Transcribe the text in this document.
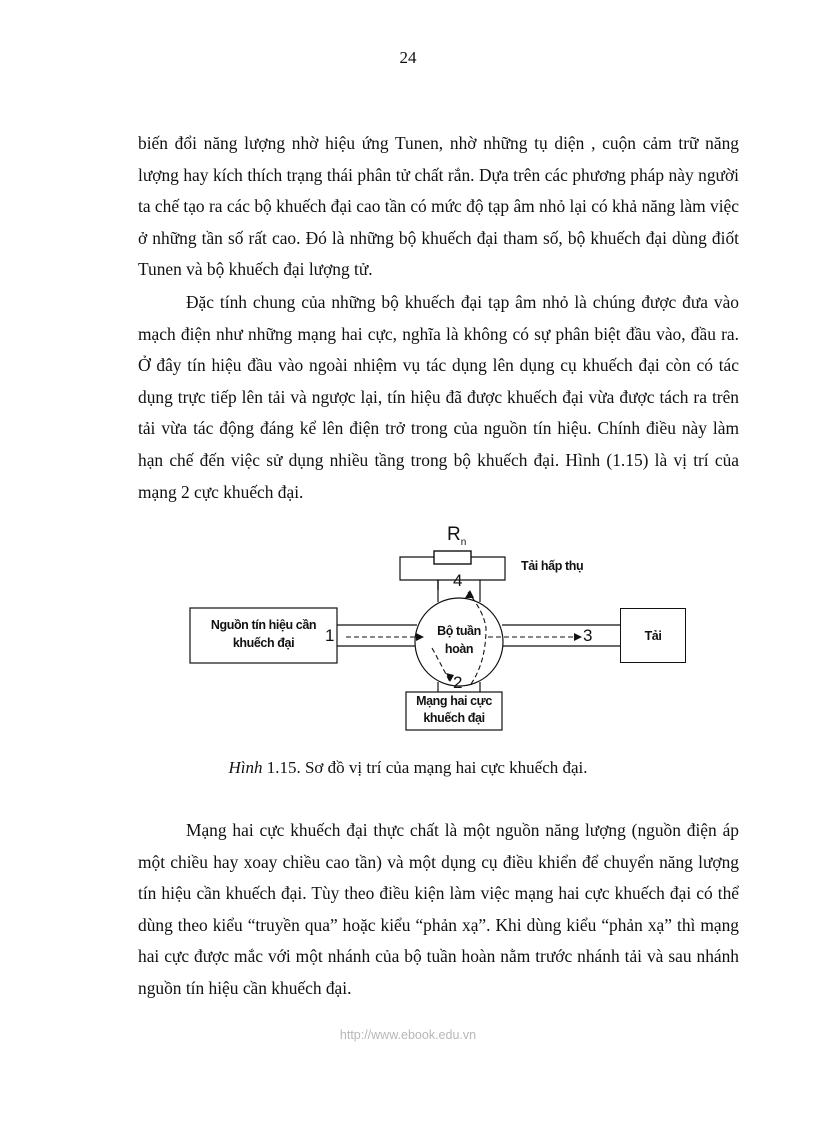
24

biến đổi năng lượng nhờ hiệu ứng Tunen, nhờ những tụ diện , cuộn cảm trữ năng lượng hay kích thích trạng thái phân tử chất rắn. Dựa trên các phương pháp này người ta chế tạo ra các bộ khuếch đại cao tần có mức độ tạp âm nhỏ lại có khả năng làm việc ở những tần số rất cao. Đó là những bộ khuếch đại tham số, bộ khuếch đại dùng điốt Tunen và bộ khuếch đại lượng tử.

Đặc tính chung của những bộ khuếch đại tạp âm nhỏ là chúng được đưa vào mạch điện như những mạng hai cực, nghĩa là không có sự phân biệt đầu vào, đầu ra. Ở đây tín hiệu đầu vào ngoài nhiệm vụ tác dụng lên dụng cụ khuếch đại còn có tác dụng trực tiếp lên tải và ngược lại, tín hiệu đã được khuếch đại vừa được tách ra trên tải vừa tác động đáng kể lên điện trở trong của nguồn tín hiệu. Chính điều này làm hạn chế đến việc sử dụng nhiều tầng trong bộ khuếch đại. Hình (1.15) là vị trí của mạng 2 cực khuếch đại.

$R_n$
Tải hấp thụ
Nguồn tín hiệu cần
khuếch đại
Bộ tuần
hoàn
Mạng hai cực
khuếch đại
1
2
3
4
Tải
Hình 1.15. Sơ đồ vị trí của mạng hai cực khuếch đại.

Mạng hai cực khuếch đại thực chất là một nguồn năng lượng (nguồn điện áp một chiều hay xoay chiều cao tần) và một dụng cụ điều khiển để chuyển năng lượng tín hiệu cần khuếch đại. Tùy theo điều kiện làm việc mạng hai cực khuếch đại có thể dùng theo kiểu “truyền qua” hoặc kiểu “phản xạ”. Khi dùng kiểu “phản xạ” thì mạng hai cực được mắc với một nhánh của bộ tuần hoàn nằm trước nhánh tải và sau nhánh nguồn tín hiệu cần khuếch đại.

http://www.ebook.edu.vn
